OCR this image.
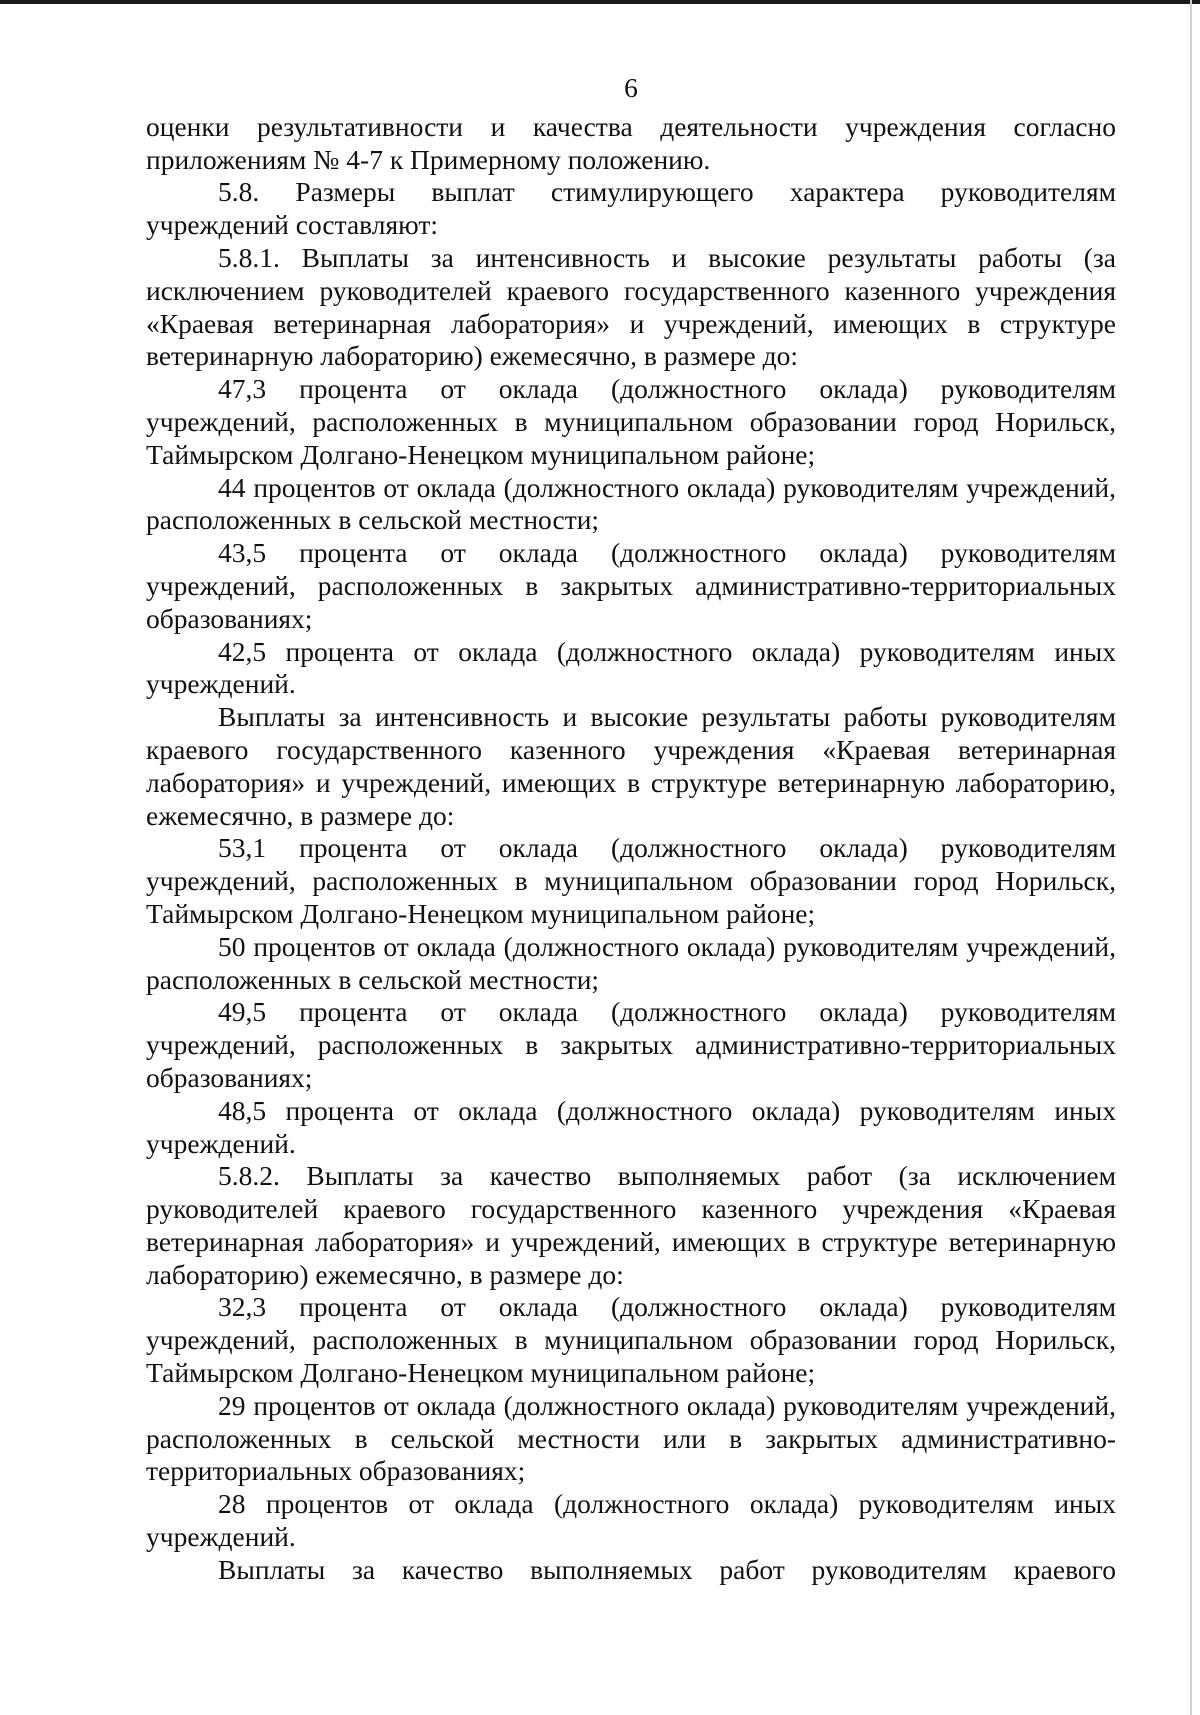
6

оценки результативности и качества деятельности учреждения согласно приложениям № 4-7 к Примерному положению.

5.8. Размеры выплат стимулирующего характера руководителям учреждений составляют:

5.8.1. Выплаты за интенсивность и высокие результаты работы (за исключением руководителей краевого государственного казенного учреждения «Краевая ветеринарная лаборатория» и учреждений, имеющих в структуре ветеринарную лабораторию) ежемесячно, в размере до:

47,3 процента от оклада (должностного оклада) руководителям учреждений, расположенных в муниципальном образовании город Норильск, Таймырском Долгано-Ненецком муниципальном районе;

44 процентов от оклада (должностного оклада) руководителям учреждений, расположенных в сельской местности;

43,5 процента от оклада (должностного оклада) руководителям учреждений, расположенных в закрытых административно-территориальных образованиях;

42,5 процента от оклада (должностного оклада) руководителям иных учреждений.

Выплаты за интенсивность и высокие результаты работы руководителям краевого государственного казенного учреждения «Краевая ветеринарная лаборатория» и учреждений, имеющих в структуре ветеринарную лабораторию, ежемесячно, в размере до:

53,1 процента от оклада (должностного оклада) руководителям учреждений, расположенных в муниципальном образовании город Норильск, Таймырском Долгано-Ненецком муниципальном районе;

50 процентов от оклада (должностного оклада) руководителям учреждений, расположенных в сельской местности;

49,5 процента от оклада (должностного оклада) руководителям учреждений, расположенных в закрытых административно-территориальных образованиях;

48,5 процента от оклада (должностного оклада) руководителям иных учреждений.

5.8.2. Выплаты за качество выполняемых работ (за исключением руководителей краевого государственного казенного учреждения «Краевая ветеринарная лаборатория» и учреждений, имеющих в структуре ветеринарную лабораторию) ежемесячно, в размере до:

32,3 процента от оклада (должностного оклада) руководителям учреждений, расположенных в муниципальном образовании город Норильск, Таймырском Долгано-Ненецком муниципальном районе;

29 процентов от оклада (должностного оклада) руководителям учреждений, расположенных в сельской местности или в закрытых административно-территориальных образованиях;

28 процентов от оклада (должностного оклада) руководителям иных учреждений.

Выплаты за качество выполняемых работ руководителям краевого
